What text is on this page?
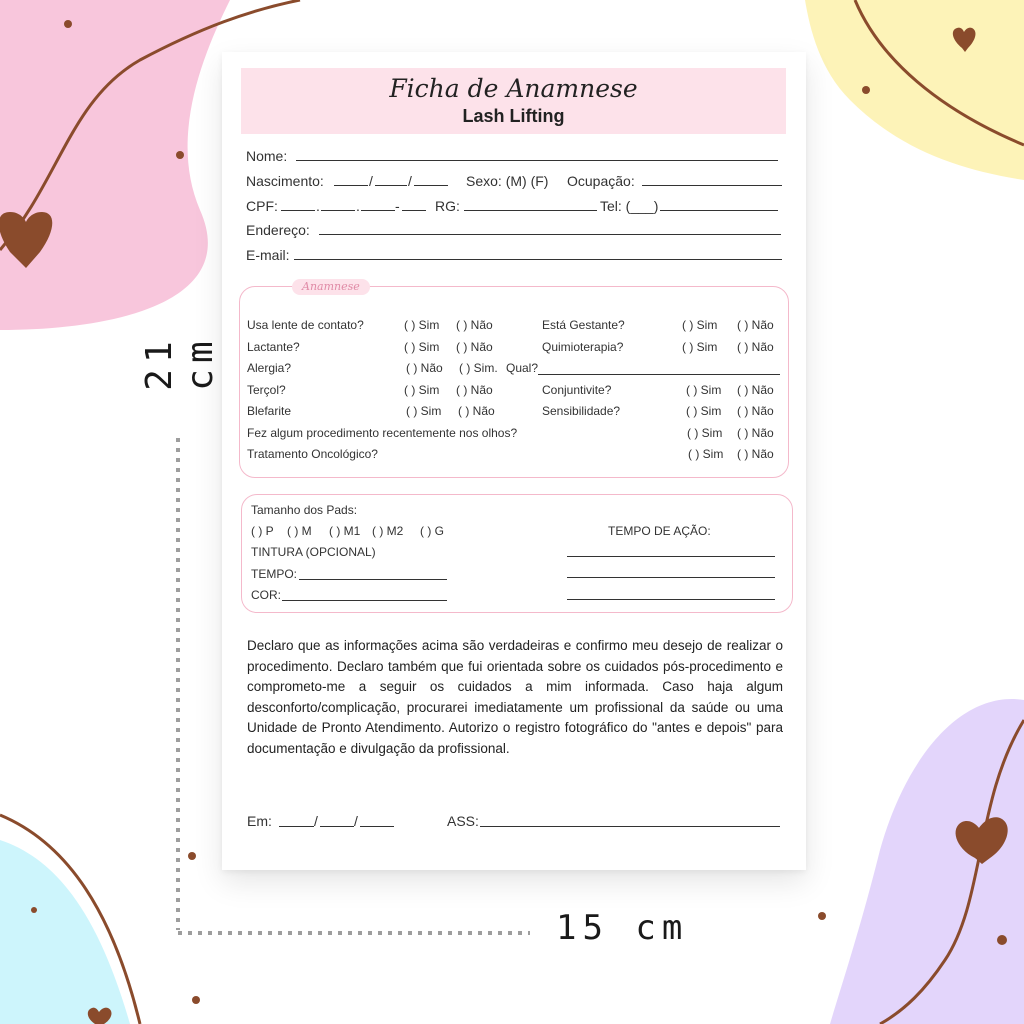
21 cm
15 cm
Ficha de Anamnese
Lash Lifting
Nome:
Nascimento:	/	/	Sexo: (M) (F) Ocupação:
CPF:	.	.	-	RG:	Tel: (___)
Endereço:
E-mail:
Anamnese
Usa lente de contato?	( ) Sim ( ) Não	Está Gestante?	( ) Sim ( ) Não
Lactante?	( ) Sim ( ) Não	Quimioterapia?	( ) Sim ( ) Não
Alergia?	( ) Não ( ) Sim. Qual?
Terçol?	( ) Sim ( ) Não	Conjuntivite?	( ) Sim ( ) Não
Blefarite	( ) Sim ( ) Não	Sensibilidade?	( ) Sim ( ) Não
Fez algum procedimento recentemente nos olhos?	( ) Sim ( ) Não
Tratamento Oncológico?	( ) Sim ( ) Não
Tamanho dos Pads:
( ) P ( ) M ( ) M1 ( ) M2 ( ) G
TINTURA (OPCIONAL)
TEMPO:
COR:
TEMPO DE AÇÃO:
Declaro que as informações acima são verdadeiras e confirmo meu desejo de realizar o procedimento. Declaro também que fui orientada sobre os cuidados pós-procedimento e comprometo-me a seguir os cuidados a mim informada. Caso haja algum desconforto/complicação, procurarei imediatamente um profissional da saúde ou uma Unidade de Pronto Atendimento. Autorizo o registro fotográfico do "antes e depois" para documentação e divulgação da profissional.
Em:	/	/	ASS:
